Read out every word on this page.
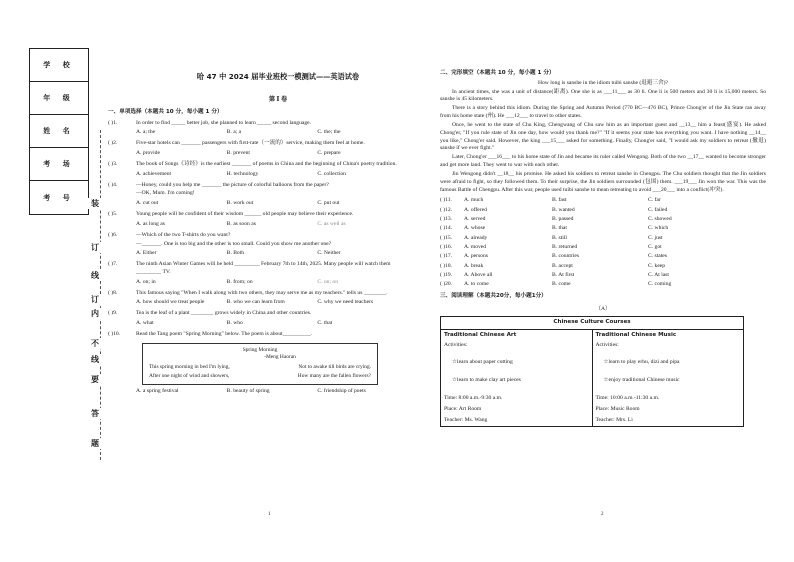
学 校
年 级
姓 名
考 场
考 号
装
订
线
订
内
不
线
要
答
题
哈 47 中 2024 届毕业班校一模测试——英语试卷
第 Ⅰ 卷
一、单项选择（本题共 10 分，每小题 1 分）
( )1.	In order to find _____ better job, she planned to learn _____ second language.
A. a; the	B. a; a	C. the; the
( )2.	Five-star hotels can _______ passengers with first-rate（一流的）service, making them feel at home.
A. provide	B. prevent	C. prepare
( )3.	The book of Songs《诗经》is the earliest _______ of poems in China and the beginning of China's poetry tradition.
A. achievement	H. technology	C. collection
( )4.	—Honey, could you help me _______ the picture of colorful balloons from the paper?
—OK, Mum. I'm coming!
A. cut out	B. work out	C. put out
( )5.	Young people will be confident of their wisdom ______ old people may believe their experience.
A. as long as	B. as soon as	C. as well as
( )6.	—Which of the two T-shirts do you want?
—_______. One is too big and the other is too small. Could you show me another one?
A. Either	B. Both	C. Neither
( )7.	The ninth Asian Winter Games will be held _________ February 7th to 14th, 2025. Many people will watch them _________ TV.
A. on; in	B. from; on	C. on; on
( )8.	This famous saying "When I walk along with two others, they may serve me as my teachers." tells us ________.
A. how should we treat people	B. who we can learn from	C. why we need teachers
( )9.	Tea is the leaf of a plant ________ grows widely in China and other countries.
A. what	B. who	C. that
( )10.	Read the Tang poem "Spring Morning" below. The poem is about__________.
Spring Morning
-Meng Haoran
This spring morning in bed I'm lying,	Not to awake till birds are crying.
After one night of wind and showers,	How many are the fallen flowers?
A. a spring festival	B. beauty of spring	C. friendship of poets
1
二、完形填空（本题共 10 分，每小题 1 分）
How long is sanshe in the idiom tuibi sanshe (退避三舍)?

In ancient times, she was a unit of distance(距离). One she is as ___11___ as 30 li. One li is 500 meters and 30 li is 15,000 meters. So sanshe is 45 kilometers.

There is a story behind this idiom. During the Spring and Autumn Period (770 BC—476 BC), Prince Chong'er of the Jin State ran away from his home state (州). He ___12___ to travel to other states.

Once, he went to the state of Chu King, Chengwang of Chu saw him as an important guest and __13__ him a feast(盛宴). He asked Chong'er, "If you rule state of Jin one day, how would you thank me?" "If it seems your state has everything you want. I have nothing __14__ you like," Chong'er said. However, the king ___15___ asked for something. Finally, Chong'er said, "I would ask my soldiers to retreat (撤退) sanshe if we ever fight."

Later, Chong'er ___16___ to his home state of Jin and became its ruler called Wengong. Both of the two __17__ wanted to become stronger and get more land. They went to war with each other.

Jin Wengong didn't __18__ his promise. He asked his soldiers to retreat sanshe in Chengpu. The Chu soldiers thought that the Jin soldiers were afraid to fight, so they followed them. To their surprise, the Jin soldiers surrounded (包围) them. ___19___ Jin won the war. This was the famous Battle of Chengpu. After this war, people used tuibi sanshe to mean retreating to avoid ___20___ into a conflict(冲突).

( )11.	A. much	B. fast	C. far
( )12.	A. offered	B. wanted	C. failed
( )13.	A. served	B. passed	C. showed
( )14.	A. whose	B. that	C. which
( )15.	A. already	B. still	C. just
( )16.	A. moved	B. returned	C. got
( )17.	A. persons	B. countries	C. states
( )18.	A. break	B. accept	C. keep
( )19.	A. Above all	B. At first	C. At last
( )20.	A. to come	B. come	C. coming
三、阅读理解（本题共20分，每小题1分）
（A）
Chinese Culture Courses
Traditional Chinese Art
Activities:
☆learn about paper cutting
☆learn to make clay art pieces
Time: 8:00 a.m.-9:30 a.m.
Place: Art Room
Teacher: Ms. Wang
Traditional Chinese Music
Activities:
☆learn to play erhu, dizi and pipa
☆enjoy traditional Chinese music
Time: 10:00 a.m.-11:30 a.m.
Place: Music Room
Teacher: Mrs. Li
2
